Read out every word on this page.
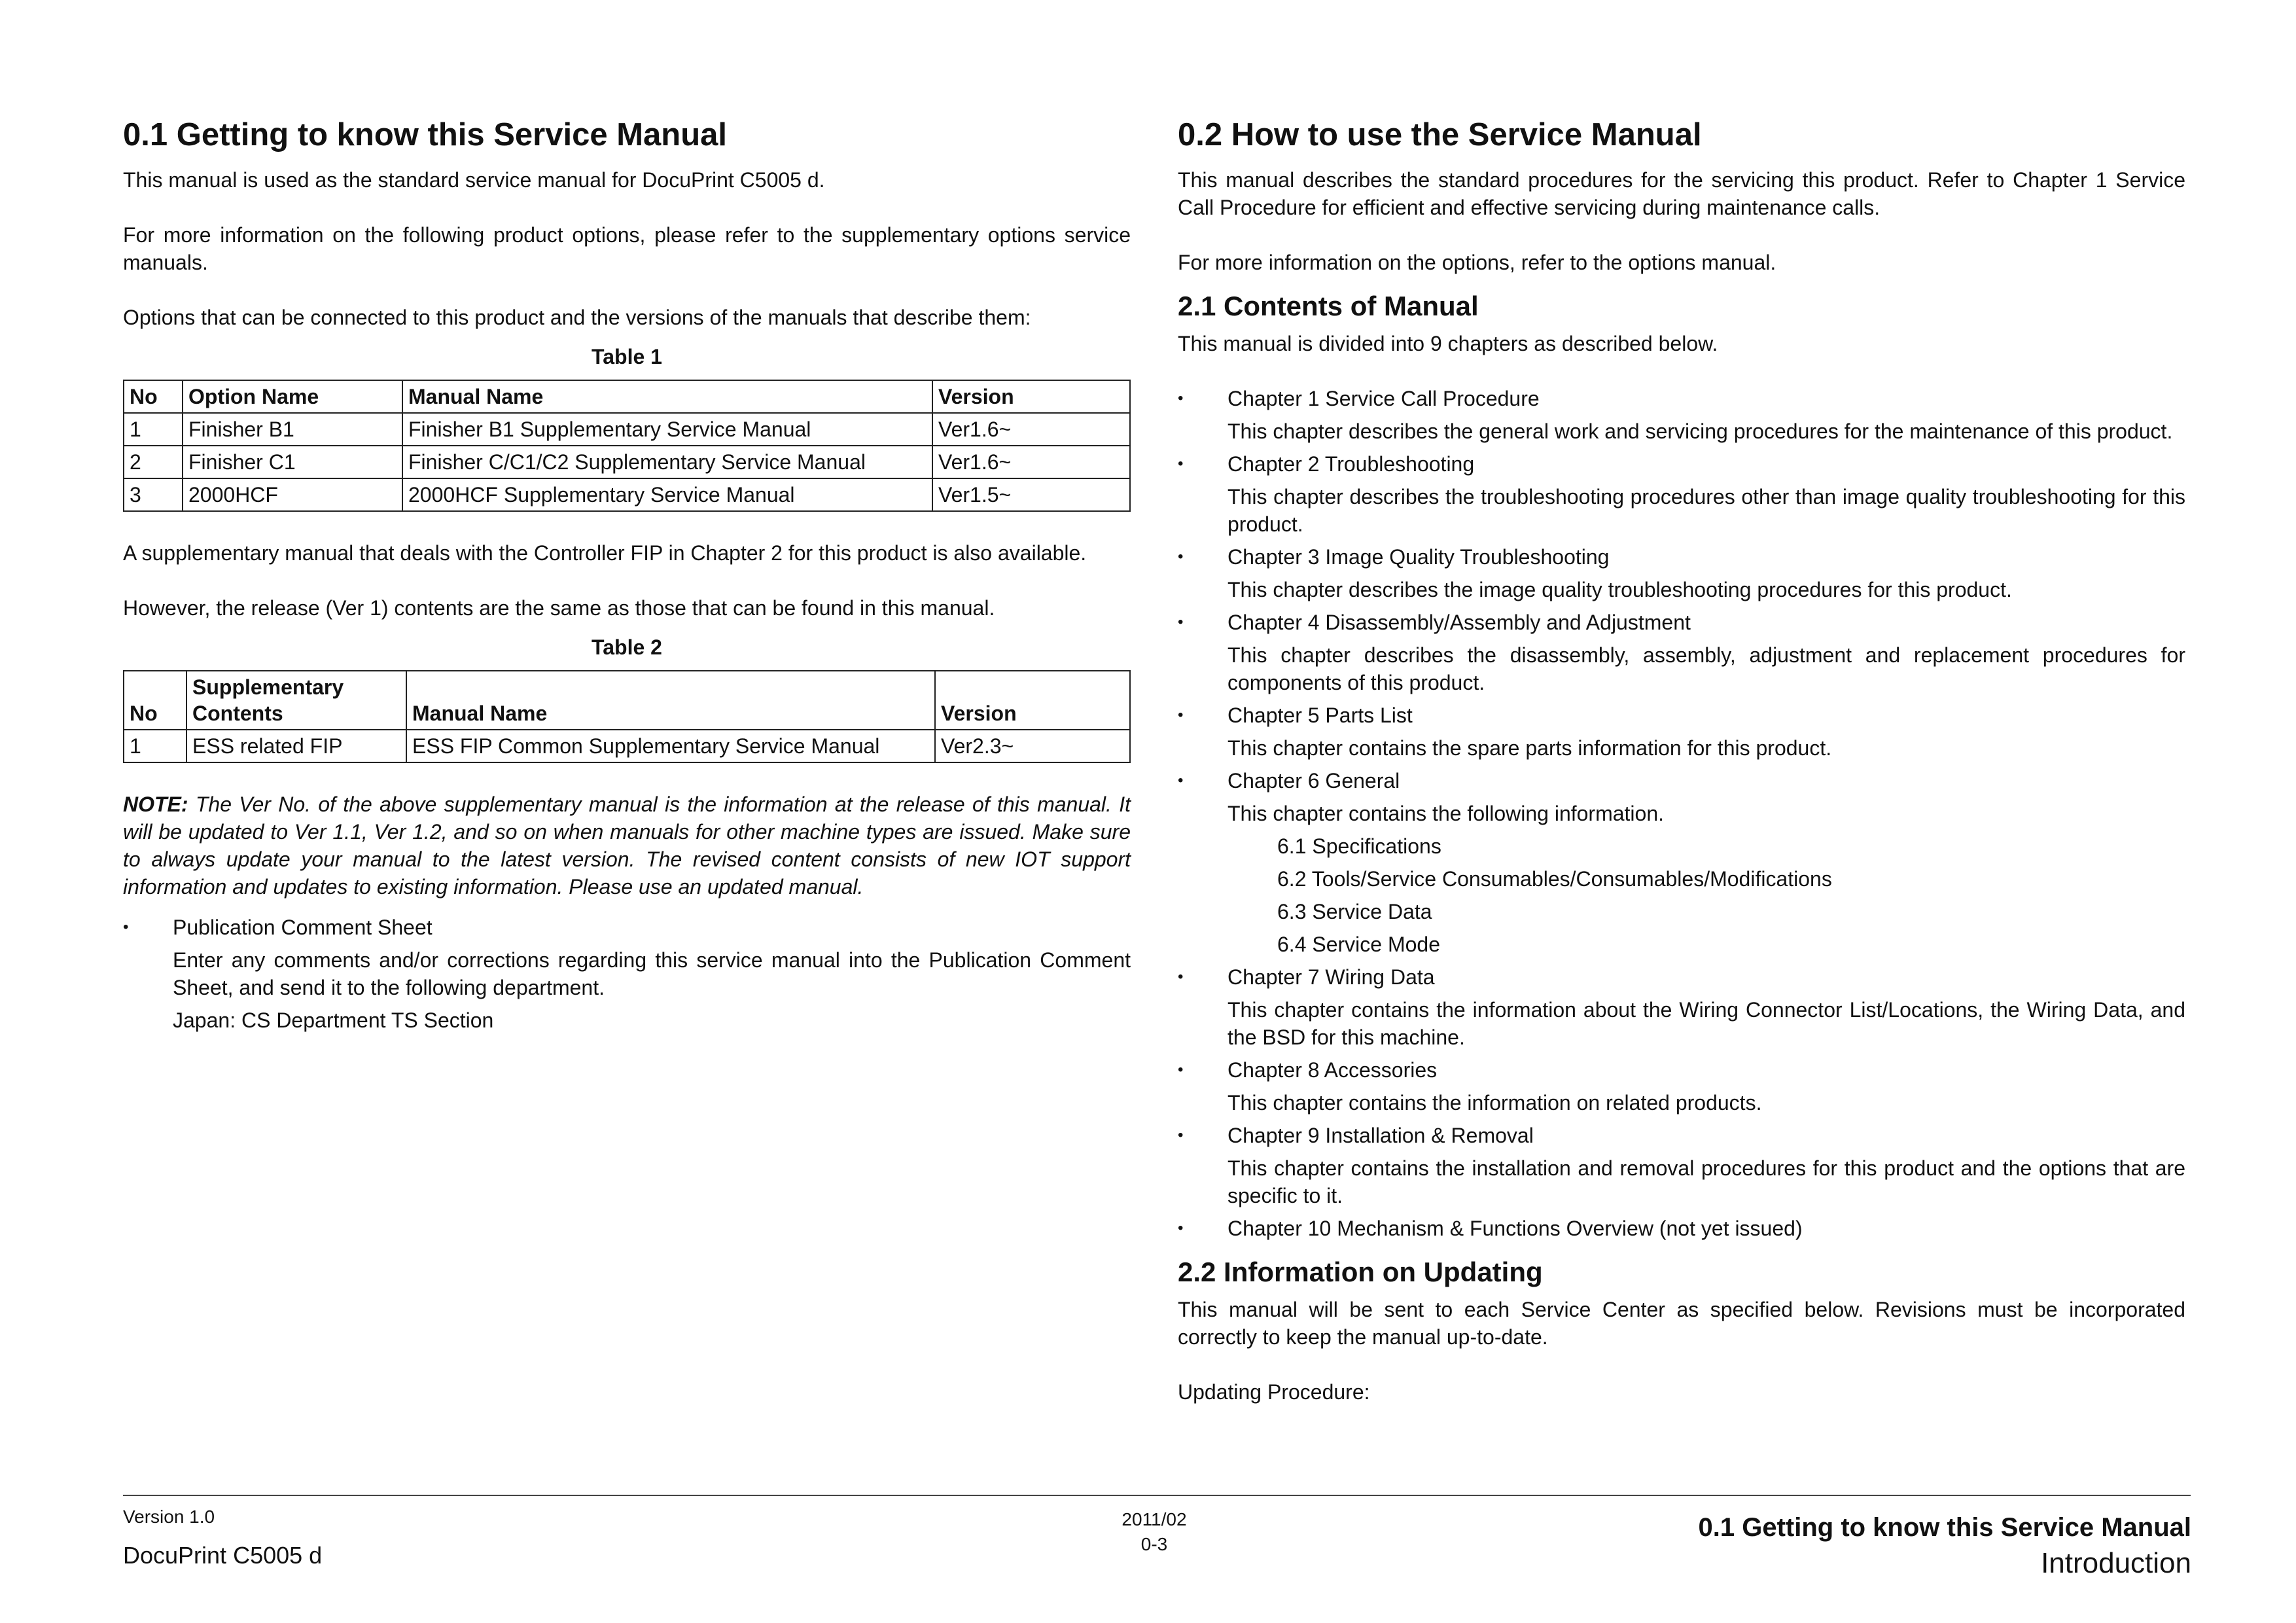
0.1 Getting to know this Service Manual

This manual is used as the standard service manual for DocuPrint C5005 d.

For more information on the following product options, please refer to the supplementary options service manuals.

Options that can be connected to this product and the versions of the manuals that describe them:

Table 1
No	Option Name	Manual Name	Version
1	Finisher B1	Finisher B1 Supplementary Service Manual	Ver1.6~
2	Finisher C1	Finisher C/C1/C2 Supplementary Service Manual	Ver1.6~
3	2000HCF	2000HCF Supplementary Service Manual	Ver1.5~

A supplementary manual that deals with the Controller FIP in Chapter 2 for this product is also available.

However, the release (Ver 1) contents are the same as those that can be found in this manual.

Table 2
No	Supplementary Contents	Manual Name	Version
1	ESS related FIP	ESS FIP Common Supplementary Service Manual	Ver2.3~

NOTE: The Ver No. of the above supplementary manual is the information at the release of this manual. It will be updated to Ver 1.1, Ver 1.2, and so on when manuals for other machine types are issued. Make sure to always update your manual to the latest version. The revised content consists of new IOT support information and updates to existing information. Please use an updated manual.

• Publication Comment Sheet

Enter any comments and/or corrections regarding this service manual into the Publication Comment Sheet, and send it to the following department.

Japan: CS Department TS Section

0.2 How to use the Service Manual

This manual describes the standard procedures for the servicing this product. Refer to Chapter 1 Service Call Procedure for efficient and effective servicing during maintenance calls.

For more information on the options, refer to the options manual.

2.1 Contents of Manual

This manual is divided into 9 chapters as described below.

• Chapter 1 Service Call Procedure

This chapter describes the general work and servicing procedures for the maintenance of this product.

• Chapter 2 Troubleshooting

This chapter describes the troubleshooting procedures other than image quality troubleshooting for this product.

• Chapter 3 Image Quality Troubleshooting

This chapter describes the image quality troubleshooting procedures for this product.

• Chapter 4 Disassembly/Assembly and Adjustment

This chapter describes the disassembly, assembly, adjustment and replacement procedures for components of this product.

• Chapter 5 Parts List

This chapter contains the spare parts information for this product.

• Chapter 6 General

This chapter contains the following information.

6.1 Specifications

6.2 Tools/Service Consumables/Consumables/Modifications

6.3 Service Data

6.4 Service Mode

• Chapter 7 Wiring Data

This chapter contains the information about the Wiring Connector List/Locations, the Wiring Data, and the BSD for this machine.

• Chapter 8 Accessories

This chapter contains the information on related products.

• Chapter 9 Installation & Removal

This chapter contains the installation and removal procedures for this product and the options that are specific to it.

• Chapter 10 Mechanism & Functions Overview (not yet issued)
2.2 Information on Updating

This manual will be sent to each Service Center as specified below. Revisions must be incorporated correctly to keep the manual up-to-date.

Updating Procedure:

Version 1.0
DocuPrint C5005 d
2011/02
0-3
0.1 Getting to know this Service Manual
Introduction
